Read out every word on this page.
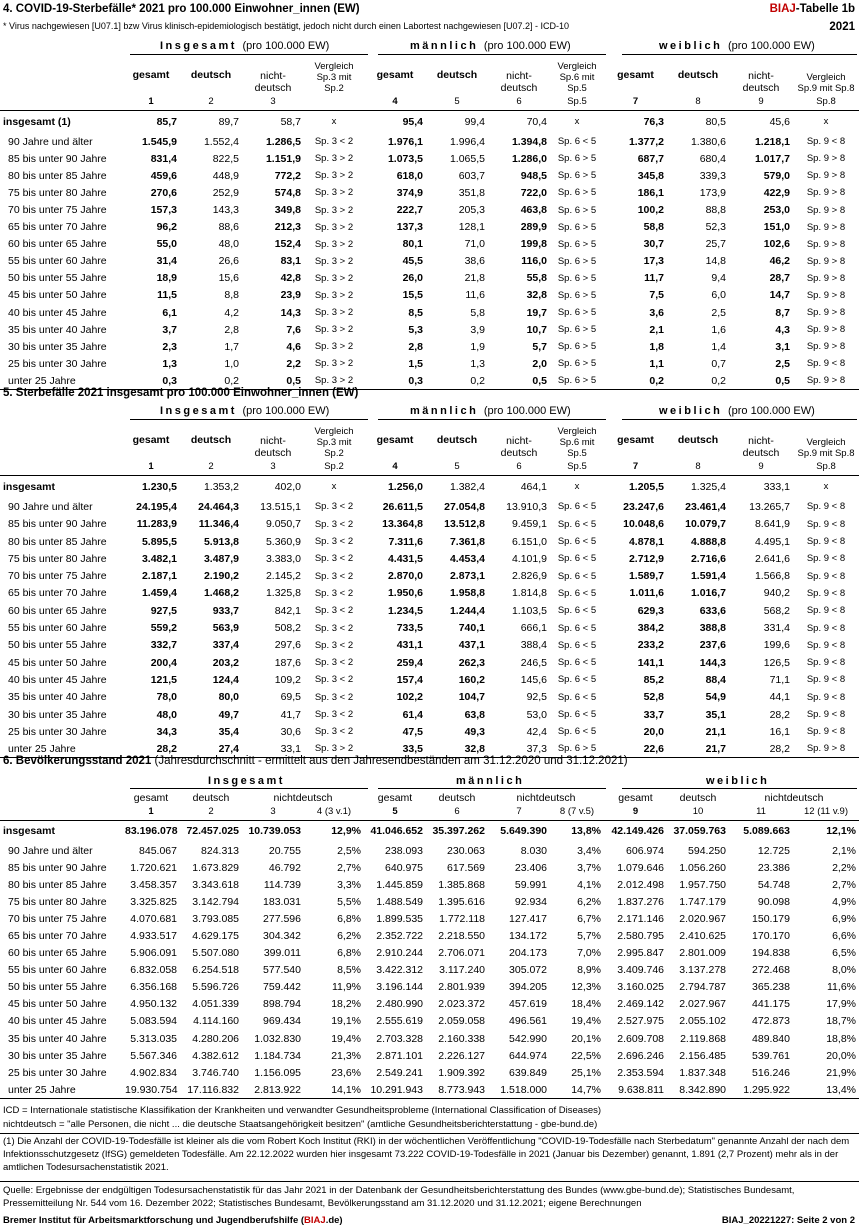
4. COVID-19-Sterbefälle* 2021 pro 100.000 Einwohner_innen (EW)	BIAJ-Tabelle 1b
2021
* Virus nachgewiesen [U07.1] bzw Virus klinisch-epidemiologisch bestätigt, jedoch nicht durch einen Labortest nachgewiesen [U07.2] - ICD-10
Insgesamt (pro 100.000 EW)	männlich (pro 100.000 EW)	weiblich (pro 100.000 EW)
	gesamt	deutsch	nicht-deutsch	Vergleich Sp.3 mit Sp.2	gesamt	deutsch	nicht-deutsch	Vergleich Sp.6 mit Sp.5	gesamt	deutsch	nicht-deutsch	Vergleich Sp.9 mit Sp.8
	1	2	3		4	5	6	Sp.5	7	8	9	Sp.8
insgesamt (1)	85,7	89,7	58,7	x	95,4	99,4	70,4	x	76,3	80,5	45,6	x
90 Jahre und älter	1.545,9	1.552,4	1.286,5	Sp. 3 < 2	1.976,1	1.996,4	1.394,8	Sp. 6 < 5	1.377,2	1.380,6	1.218,1	Sp. 9 < 8
85 bis unter 90 Jahre	831,4	822,5	1.151,9	Sp. 3 > 2	1.073,5	1.065,5	1.286,0	Sp. 6 > 5	687,7	680,4	1.017,7	Sp. 9 > 8
80 bis unter 85 Jahre	459,6	448,9	772,2	Sp. 3 > 2	618,0	603,7	948,5	Sp. 6 > 5	345,8	339,3	579,0	Sp. 9 > 8
75 bis unter 80 Jahre	270,6	252,9	574,8	Sp. 3 > 2	374,9	351,8	722,0	Sp. 6 > 5	186,1	173,9	422,9	Sp. 9 > 8
70 bis unter 75 Jahre	157,3	143,3	349,8	Sp. 3 > 2	222,7	205,3	463,8	Sp. 6 > 5	100,2	88,8	253,0	Sp. 9 > 8
65 bis unter 70 Jahre	96,2	88,6	212,3	Sp. 3 > 2	137,3	128,1	289,9	Sp. 6 > 5	58,8	52,3	151,0	Sp. 9 > 8
60 bis unter 65 Jahre	55,0	48,0	152,4	Sp. 3 > 2	80,1	71,0	199,8	Sp. 6 > 5	30,7	25,7	102,6	Sp. 9 > 8
55 bis unter 60 Jahre	31,4	26,6	83,1	Sp. 3 > 2	45,5	38,6	116,0	Sp. 6 > 5	17,3	14,8	46,2	Sp. 9 > 8
50 bis unter 55 Jahre	18,9	15,6	42,8	Sp. 3 > 2	26,0	21,8	55,8	Sp. 6 > 5	11,7	9,4	28,7	Sp. 9 > 8
45 bis unter 50 Jahre	11,5	8,8	23,9	Sp. 3 > 2	15,5	11,6	32,8	Sp. 6 > 5	7,5	6,0	14,7	Sp. 9 > 8
40 bis unter 45 Jahre	6,1	4,2	14,3	Sp. 3 > 2	8,5	5,8	19,7	Sp. 6 > 5	3,6	2,5	8,7	Sp. 9 > 8
35 bis unter 40 Jahre	3,7	2,8	7,6	Sp. 3 > 2	5,3	3,9	10,7	Sp. 6 > 5	2,1	1,6	4,3	Sp. 9 > 8
30 bis unter 35 Jahre	2,3	1,7	4,6	Sp. 3 > 2	2,8	1,9	5,7	Sp. 6 > 5	1,8	1,4	3,1	Sp. 9 > 8
25 bis unter 30 Jahre	1,3	1,0	2,2	Sp. 3 > 2	1,5	1,3	2,0	Sp. 6 > 5	1,1	0,7	2,5	Sp. 9 < 8
unter 25 Jahre	0,3	0,2	0,5	Sp. 3 > 2	0,3	0,2	0,5	Sp. 6 > 5	0,2	0,2	0,5	Sp. 9 > 8
5. Sterbefälle 2021 insgesamt pro 100.000 Einwohner_innen (EW)
Insgesamt (pro 100.000 EW)	männlich (pro 100.000 EW)	weiblich (pro 100.000 EW)
	gesamt	deutsch	nicht-deutsch	Vergleich Sp.3 mit Sp.2	gesamt	deutsch	nicht-deutsch	Vergleich Sp.6 mit Sp.5	gesamt	deutsch	nicht-deutsch	Vergleich Sp.9 mit Sp.8
	1	2	3	Sp.2	4	5	6	Sp.5	7	8	9	Sp.8
insgesamt	1.230,5	1.353,2	402,0	x	1.256,0	1.382,4	464,1	x	1.205,5	1.325,4	333,1	x
90 Jahre und älter	24.195,4	24.464,3	13.515,1	Sp. 3 < 2	26.611,5	27.054,8	13.910,3	Sp. 6 < 5	23.247,6	23.461,4	13.265,7	Sp. 9 < 8
85 bis unter 90 Jahre	11.283,9	11.346,4	9.050,7	Sp. 3 < 2	13.364,8	13.512,8	9.459,1	Sp. 6 < 5	10.048,6	10.079,7	8.641,9	Sp. 9 < 8
80 bis unter 85 Jahre	5.895,5	5.913,8	5.360,9	Sp. 3 < 2	7.311,6	7.361,8	6.151,0	Sp. 6 < 5	4.878,1	4.888,8	4.495,1	Sp. 9 < 8
75 bis unter 80 Jahre	3.482,1	3.487,9	3.383,0	Sp. 3 < 2	4.431,5	4.453,4	4.101,9	Sp. 6 < 5	2.712,9	2.716,6	2.641,6	Sp. 9 < 8
70 bis unter 75 Jahre	2.187,1	2.190,2	2.145,2	Sp. 3 < 2	2.870,0	2.873,1	2.826,9	Sp. 6 < 5	1.589,7	1.591,4	1.566,8	Sp. 9 < 8
65 bis unter 70 Jahre	1.459,4	1.468,2	1.325,8	Sp. 3 < 2	1.950,6	1.958,8	1.814,8	Sp. 6 < 5	1.011,6	1.016,7	940,2	Sp. 9 < 8
60 bis unter 65 Jahre	927,5	933,7	842,1	Sp. 3 < 2	1.234,5	1.244,4	1.103,5	Sp. 6 < 5	629,3	633,6	568,2	Sp. 9 < 8
55 bis unter 60 Jahre	559,2	563,9	508,2	Sp. 3 < 2	733,5	740,1	666,1	Sp. 6 < 5	384,2	388,8	331,4	Sp. 9 < 8
50 bis unter 55 Jahre	332,7	337,4	297,6	Sp. 3 < 2	431,1	437,1	388,4	Sp. 6 < 5	233,2	237,6	199,6	Sp. 9 < 8
45 bis unter 50 Jahre	200,4	203,2	187,6	Sp. 3 < 2	259,4	262,3	246,5	Sp. 6 < 5	141,1	144,3	126,5	Sp. 9 < 8
40 bis unter 45 Jahre	121,5	124,4	109,2	Sp. 3 < 2	157,4	160,2	145,6	Sp. 6 < 5	85,2	88,4	71,1	Sp. 9 < 8
35 bis unter 40 Jahre	78,0	80,0	69,5	Sp. 3 < 2	102,2	104,7	92,5	Sp. 6 < 5	52,8	54,9	44,1	Sp. 9 < 8
30 bis unter 35 Jahre	48,0	49,7	41,7	Sp. 3 < 2	61,4	63,8	53,0	Sp. 6 < 5	33,7	35,1	28,2	Sp. 9 < 8
25 bis unter 30 Jahre	34,3	35,4	30,6	Sp. 3 < 2	47,5	49,3	42,4	Sp. 6 < 5	20,0	21,1	16,1	Sp. 9 < 8
unter 25 Jahre	28,2	27,4	33,1	Sp. 3 > 2	33,5	32,8	37,3	Sp. 6 > 5	22,6	21,7	28,2	Sp. 9 > 8
6. Bevölkerungsstand 2021 (Jahresdurchschnitt - ermittelt aus den Jahresendbeständen am 31.12.2020 und 31.12.2021)
Insgesamt	männlich	weiblich
	gesamt	deutsch	nichtdeutsch		gesamt	deutsch	nichtdeutsch		gesamt	deutsch	nichtdeutsch	
	1	2	3	4 (3 v.1)	5	6	7	8 (7 v.5)	9	10	11	12 (11 v.9)
insgesamt	83.196.078	72.457.025	10.739.053	12,9%	41.046.652	35.397.262	5.649.390	13,8%	42.149.426	37.059.763	5.089.663	12,1%
90 Jahre und älter	845.067	824.313	20.755	2,5%	238.093	230.063	8.030	3,4%	606.974	594.250	12.725	2,1%
85 bis unter 90 Jahre	1.720.621	1.673.829	46.792	2,7%	640.975	617.569	23.406	3,7%	1.079.646	1.056.260	23.386	2,2%
80 bis unter 85 Jahre	3.458.357	3.343.618	114.739	3,3%	1.445.859	1.385.868	59.991	4,1%	2.012.498	1.957.750	54.748	2,7%
75 bis unter 80 Jahre	3.325.825	3.142.794	183.031	5,5%	1.488.549	1.395.616	92.934	6,2%	1.837.276	1.747.179	90.098	4,9%
70 bis unter 75 Jahre	4.070.681	3.793.085	277.596	6,8%	1.899.535	1.772.118	127.417	6,7%	2.171.146	2.020.967	150.179	6,9%
65 bis unter 70 Jahre	4.933.517	4.629.175	304.342	6,2%	2.352.722	2.218.550	134.172	5,7%	2.580.795	2.410.625	170.170	6,6%
60 bis unter 65 Jahre	5.906.091	5.507.080	399.011	6,8%	2.910.244	2.706.071	204.173	7,0%	2.995.847	2.801.009	194.838	6,5%
55 bis unter 60 Jahre	6.832.058	6.254.518	577.540	8,5%	3.422.312	3.117.240	305.072	8,9%	3.409.746	3.137.278	272.468	8,0%
50 bis unter 55 Jahre	6.356.168	5.596.726	759.442	11,9%	3.196.144	2.801.939	394.205	12,3%	3.160.025	2.794.787	365.238	11,6%
45 bis unter 50 Jahre	4.950.132	4.051.339	898.794	18,2%	2.480.990	2.023.372	457.619	18,4%	2.469.142	2.027.967	441.175	17,9%
40 bis unter 45 Jahre	5.083.594	4.114.160	969.434	19,1%	2.555.619	2.059.058	496.561	19,4%	2.527.975	2.055.102	472.873	18,7%
35 bis unter 40 Jahre	5.313.035	4.280.206	1.032.830	19,4%	2.703.328	2.160.338	542.990	20,1%	2.609.708	2.119.868	489.840	18,8%
30 bis unter 35 Jahre	5.567.346	4.382.612	1.184.734	21,3%	2.871.101	2.226.127	644.974	22,5%	2.696.246	2.156.485	539.761	20,0%
25 bis unter 30 Jahre	4.902.834	3.746.740	1.156.095	23,6%	2.549.241	1.909.392	639.849	25,1%	2.353.594	1.837.348	516.246	21,9%
unter 25 Jahre	19.930.754	17.116.832	2.813.922	14,1%	10.291.943	8.773.943	1.518.000	14,7%	9.638.811	8.342.890	1.295.922	13,4%
ICD = Internationale statistische Klassifikation der Krankheiten und verwandter Gesundheitsprobleme (International Classification of Diseases)
nichtdeutsch = "alle Personen, die nicht ... die deutsche Staatsangehörigkeit besitzen" (amtliche Gesundheitsberichterstattung - gbe-bund.de)
(1) Die Anzahl der COVID-19-Todesfälle ist kleiner als die vom Robert Koch Institut (RKI) in der wöchentlichen Veröffentlichung "COVID-19-Todesfälle nach Sterbedatum" genannte Anzahl der nach dem Infektionsschutzgesetz (IfSG) gemeldeten Todesfälle. Am 22.12.2022 wurden hier insgesamt 73.222 COVID-19-Todesfälle in 2021 (Januar bis Dezember) genannt, 1.891 (2,7 Prozent) mehr als in der amtlichen Todesursachenstatistik 2021.
Quelle: Ergebnisse der endgültigen Todesursachenstatistik für das Jahr 2021 in der Datenbank der Gesundheitsberichterstattung des Bundes (www.gbe-bund.de); Statistisches Bundesamt, Pressemitteilung Nr. 544 vom 16. Dezember 2022; Statistisches Bundesamt, Bevölkerungsstand am 31.12.2020 und 31.12.2021; eigene Berechnungen
Bremer Institut für Arbeitsmarktforschung und Jugendberufshilfe (BIAJ.de)	BIAJ_20221227: Seite 2 von 2
